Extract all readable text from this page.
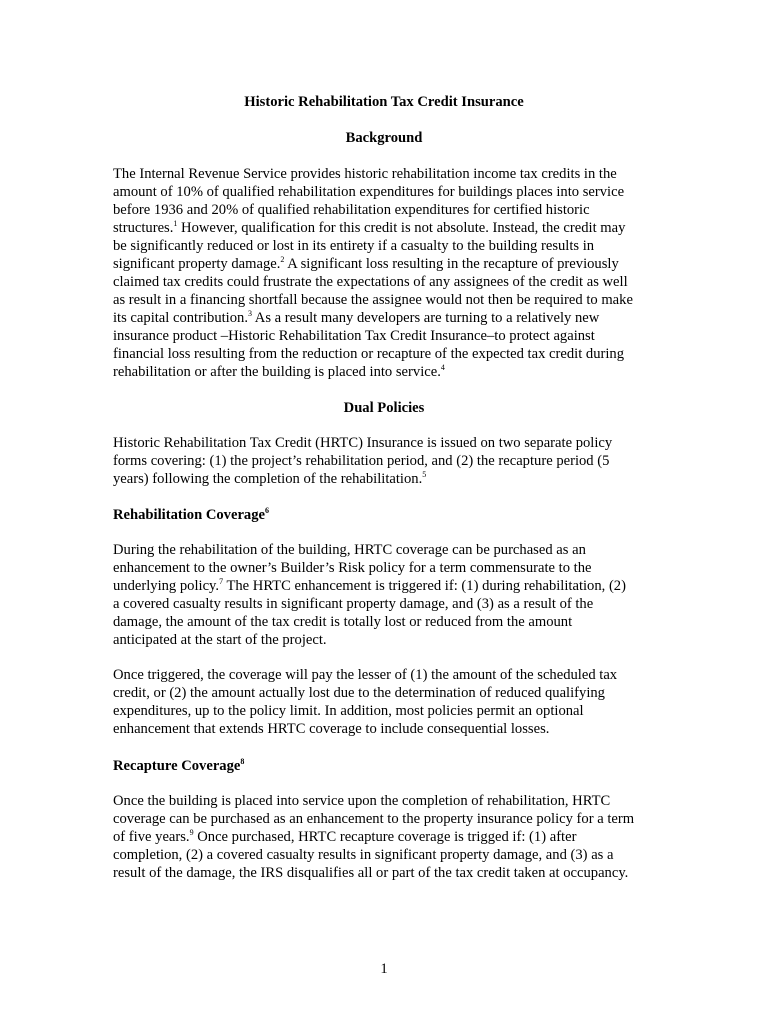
Historic Rehabilitation Tax Credit Insurance
Background
The Internal Revenue Service provides historic rehabilitation income tax credits in the
amount of 10% of qualified rehabilitation expenditures for buildings places into service
before 1936 and 20% of qualified rehabilitation expenditures for certified historic
structures.$^1$ However, qualification for this credit is not absolute. Instead, the credit may
be significantly reduced or lost in its entirety if a casualty to the building results in
significant property damage.$^2$ A significant loss resulting in the recapture of previously
claimed tax credits could frustrate the expectations of any assignees of the credit as well
as result in a financing shortfall because the assignee would not then be required to make
its capital contribution.$^3$ As a result many developers are turning to a relatively new
insurance product –Historic Rehabilitation Tax Credit Insurance–to protect against
financial loss resulting from the reduction or recapture of the expected tax credit during
rehabilitation or after the building is placed into service.$^4$
Dual Policies
Historic Rehabilitation Tax Credit (HRTC) Insurance is issued on two separate policy
forms covering: (1) the project’s rehabilitation period, and (2) the recapture period (5
years) following the completion of the rehabilitation.$^5$
Rehabilitation Coverage$^6$
During the rehabilitation of the building, HRTC coverage can be purchased as an
enhancement to the owner’s Builder’s Risk policy for a term commensurate to the
underlying policy.$^7$ The HRTC enhancement is triggered if: (1) during rehabilitation, (2)
a covered casualty results in significant property damage, and (3) as a result of the
damage, the amount of the tax credit is totally lost or reduced from the amount
anticipated at the start of the project.
Once triggered, the coverage will pay the lesser of (1) the amount of the scheduled tax
credit, or (2) the amount actually lost due to the determination of reduced qualifying
expenditures, up to the policy limit. In addition, most policies permit an optional
enhancement that extends HRTC coverage to include consequential losses.
Recapture Coverage$^8$
Once the building is placed into service upon the completion of rehabilitation, HRTC
coverage can be purchased as an enhancement to the property insurance policy for a term
of five years.$^9$ Once purchased, HRTC recapture coverage is trigged if: (1) after
completion, (2) a covered casualty results in significant property damage, and (3) as a
result of the damage, the IRS disqualifies all or part of the tax credit taken at occupancy.
1
